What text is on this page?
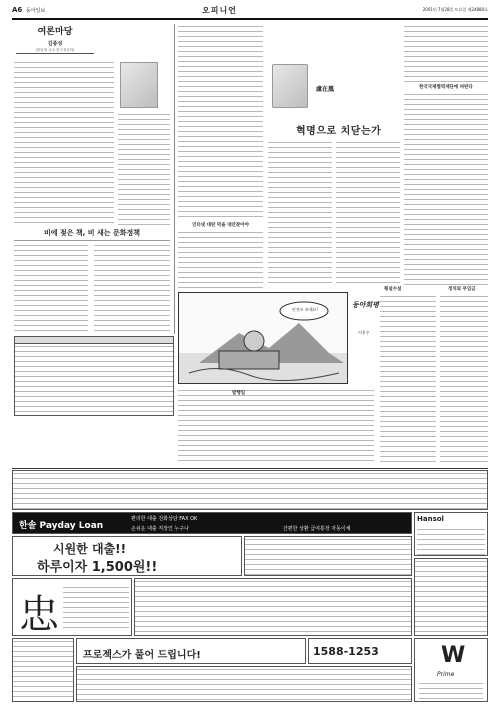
A6 동아일보	오피니언	2001년 7월28일 토요일 제24880호
여론마당
김종성
(한남대 교수·한국정치학)
비에 젖은 책, 비 새는 문화정책
인터넷 대란 막을 대안찾아야
盧在鳳
혁명으로 치닫는가
한국국제협력재단에 바란다
안전모 쓰세요!
동아희평
이홍우
횡설수설	정치와 무임금
발행일
한솔 Payday Loan
편리한 대출 전화상담 FAX OK
손쉬운 대출 직장인 누구나	간편한 상환 급여통장 자동이체
Hansol
시원한 대출!!
하루이자 1,500원!!
忠
프로젝스가 풀어 드립니다!	1588-1253	W
Prime
